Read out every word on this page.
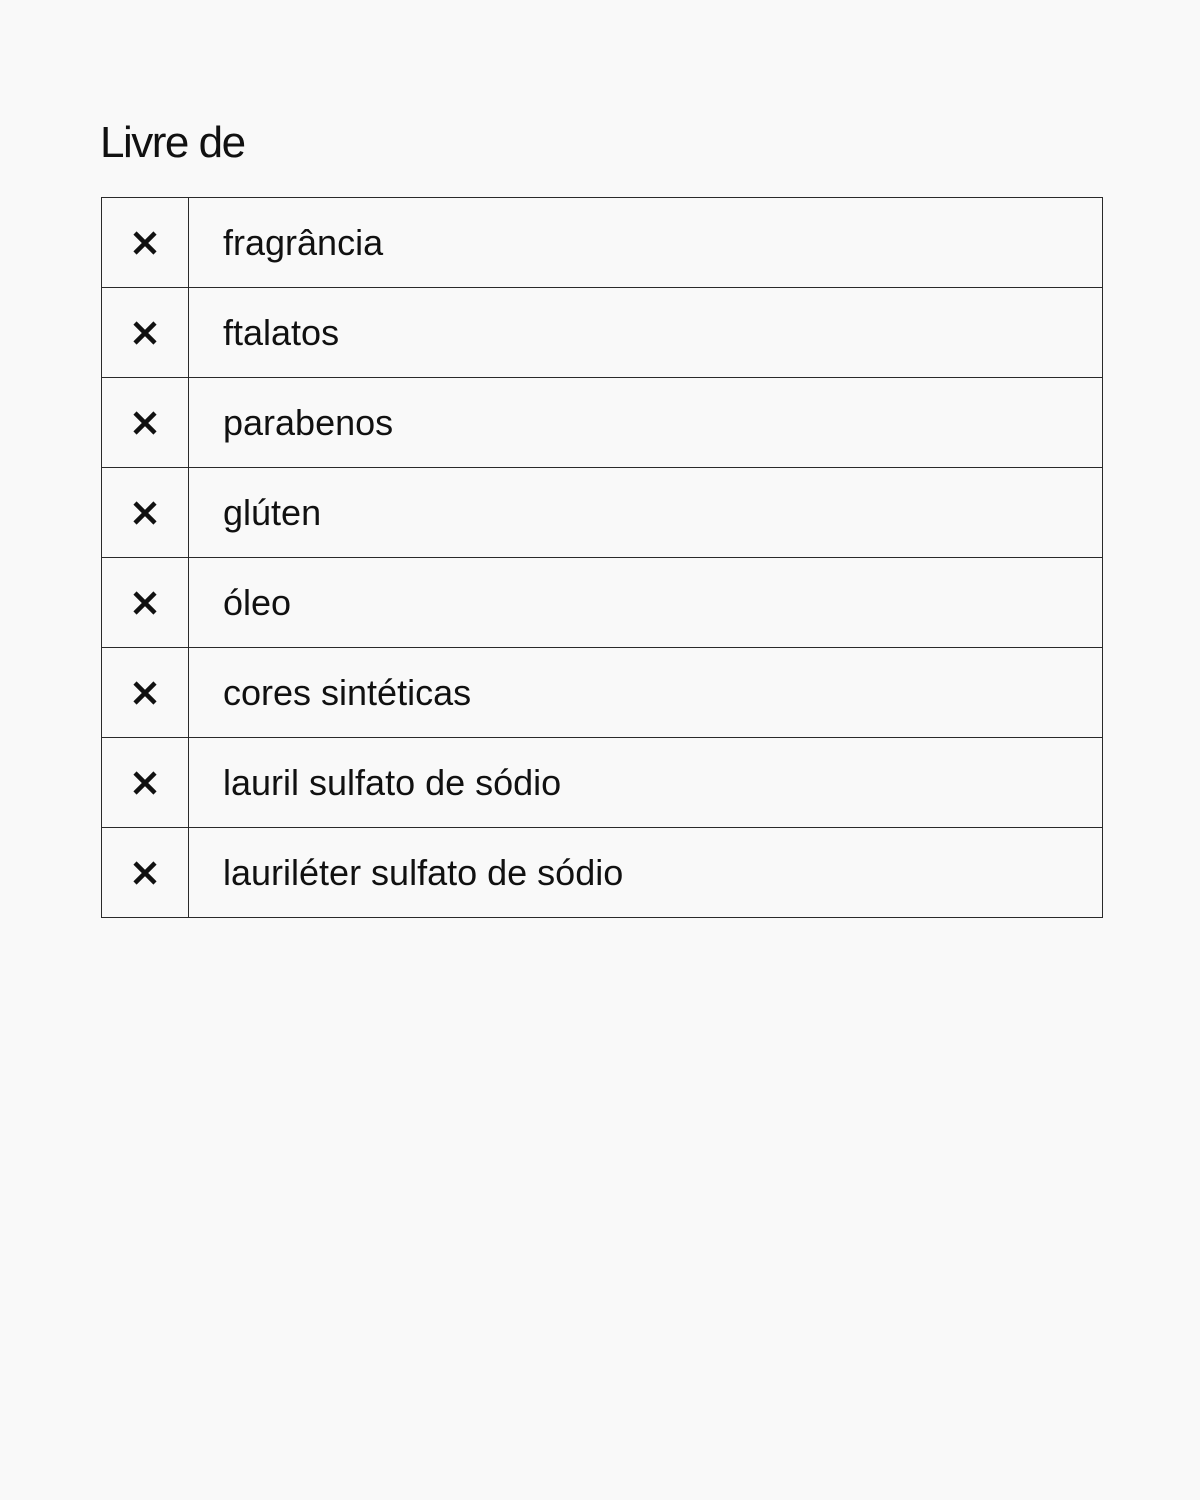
Livre de
	fragrância

	ftalatos

	parabenos

	glúten

	óleo

	cores sintéticas

	lauril sulfato de sódio

	lauriléter sulfato de sódio
